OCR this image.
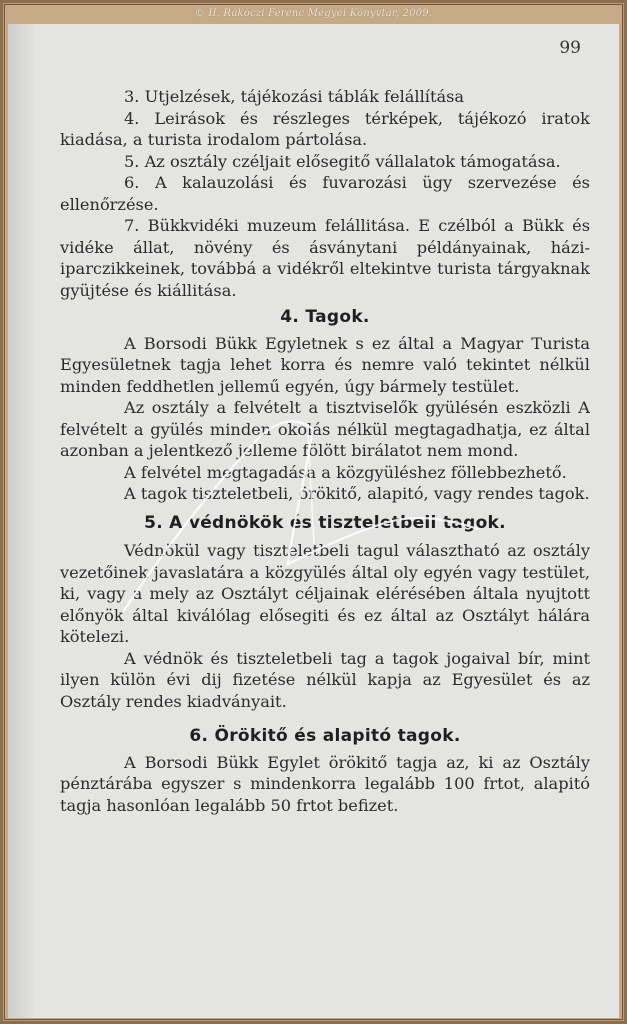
© II. Rákóczi Ferenc Megyei Könyvtár, 2009.
99

3. Utjelzések, tájékozási táblák felállítása

4. Leirások és részleges térképek, tájékozó iratok kiadása, a turista irodalom pártolása.

5. Az osztály czéljait elősegitő vállalatok támogatása.

6. A kalauzolási és fuvarozási ügy szervezése és ellenőrzése.

7. Bükkvidéki muzeum felállitása. E czélból a Bükk és vidéke állat, növény és ásványtani példányainak, házi-iparczikkeinek, továbbá a vidékről eltekintve turista tárgyaknak gyüjtése és kiállitása.

4. Tagok.

A Borsodi Bükk Egyletnek s ez által a Magyar Turista Egyesületnek tagja lehet korra és nemre való tekintet nélkül minden feddhetlen jellemű egyén, úgy bármely testület.

Az osztály a felvételt a tisztviselők gyülésén eszközli A felvételt a gyülés minden okolás nélkül megtagadhatja, ez által azonban a jelentkező jelleme fölött birálatot nem mond.

A felvétel megtagadása a közgyüléshez föllebbezhető.

A tagok tiszteletbeli, örökitő, alapitó, vagy rendes tagok.

5. A védnökök és tiszteletbeli tagok.

Védnökül vagy tiszteletbeli tagul választható az osztály vezetőinek javaslatára a közgyülés által oly egyén vagy testület, ki, vagy a mely az Osztályt céljainak elérésében általa nyujtott előnyök által kiválólag elősegiti és ez által az Osztályt hálára kötelezi.

A védnök és tiszteletbeli tag a tagok jogaival bír, mint ilyen külön évi dij fizetése nélkül kapja az Egyesület és az Osztály rendes kiadványait.

6. Örökitő és alapitó tagok.

A Borsodi Bükk Egylet örökitő tagja az, ki az Osztály pénztárába egyszer s mindenkorra legalább 100 frtot, alapitó tagja hasonlóan legalább 50 frtot befizet.
